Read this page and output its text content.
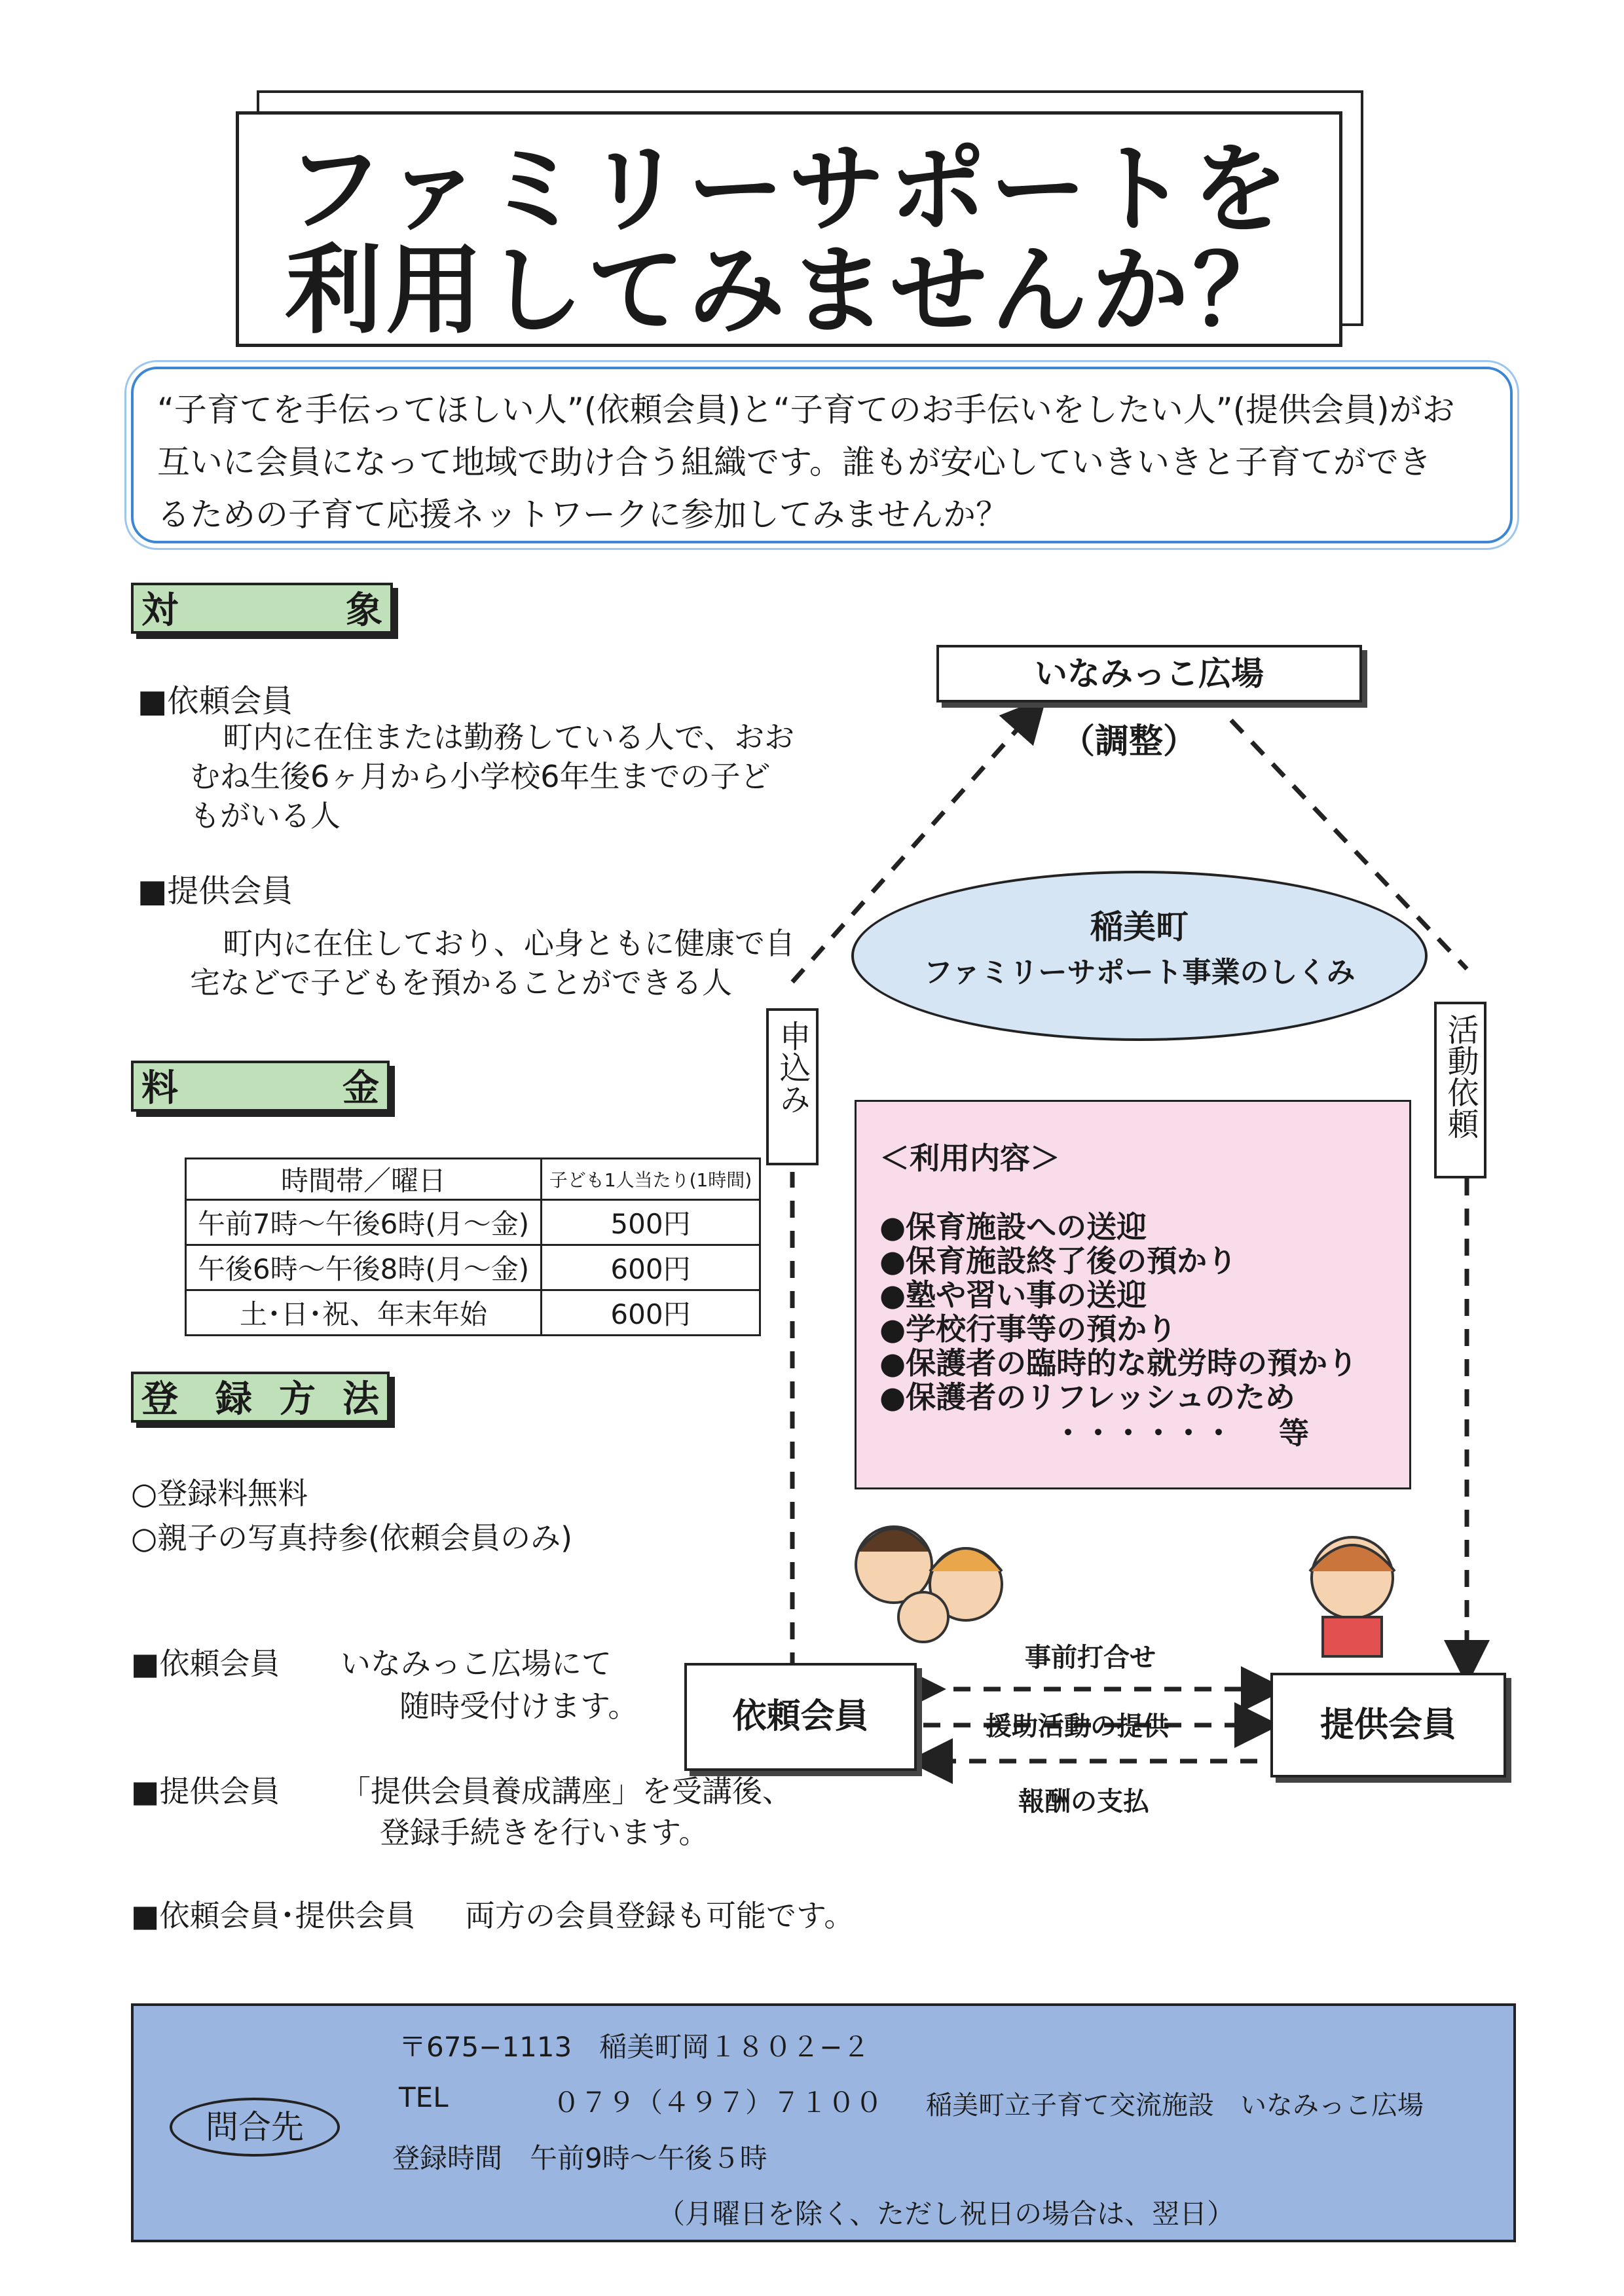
ファミリーサポートを
利用してみませんか？
“子育てを手伝ってほしい人”(依頼会員)と“子育てのお手伝いをしたい人”(提供会員)がお
互いに会員になって地域で助け合う組織です。誰もが安心していきいきと子育てができ
るための子育て応援ネットワークに参加してみませんか？
対	象
■依頼会員
町内に在住または勤務している人で、おお
むね生後6ヶ月から小学校6年生までの子ど
もがいる人
■提供会員
町内に在住しており、心身ともに健康で自
宅などで子どもを預かることができる人
料	金
時間帯／曜日	子ども1人当たり(1時間)
午前7時～午後6時(月～金)	500円
午後6時～午後8時(月～金)	600円
土･日･祝、年末年始	600円
登 録 方 法
○登録料無料
○親子の写真持参(依頼会員のみ)
■依頼会員 いなみっこ広場にて
随時受付けます。
■提供会員 「提供会員養成講座」を受講後、
登録手続きを行います。
■依頼会員･提供会員 両方の会員登録も可能です。
いなみっこ広場
（調整）
稲美町
ファミリーサポート事業のしくみ
申込み	活動依頼
＜利用内容＞
●保育施設への送迎
●保育施設終了後の預かり
●塾や習い事の送迎
●学校行事等の預かり
●保護者の臨時的な就労時の預かり
●保護者のリフレッシュのため
・・・・・・ 等
依頼会員	提供会員
事前打合せ
援助活動の提供
報酬の支払
問合先
〒675−1113　稲美町岡１８０２−２
TEL	０７９（４９７）７１００ 稲美町立子育て交流施設　いなみっこ広場
登録時間　午前9時～午後５時
（月曜日を除く、ただし祝日の場合は、翌日）
